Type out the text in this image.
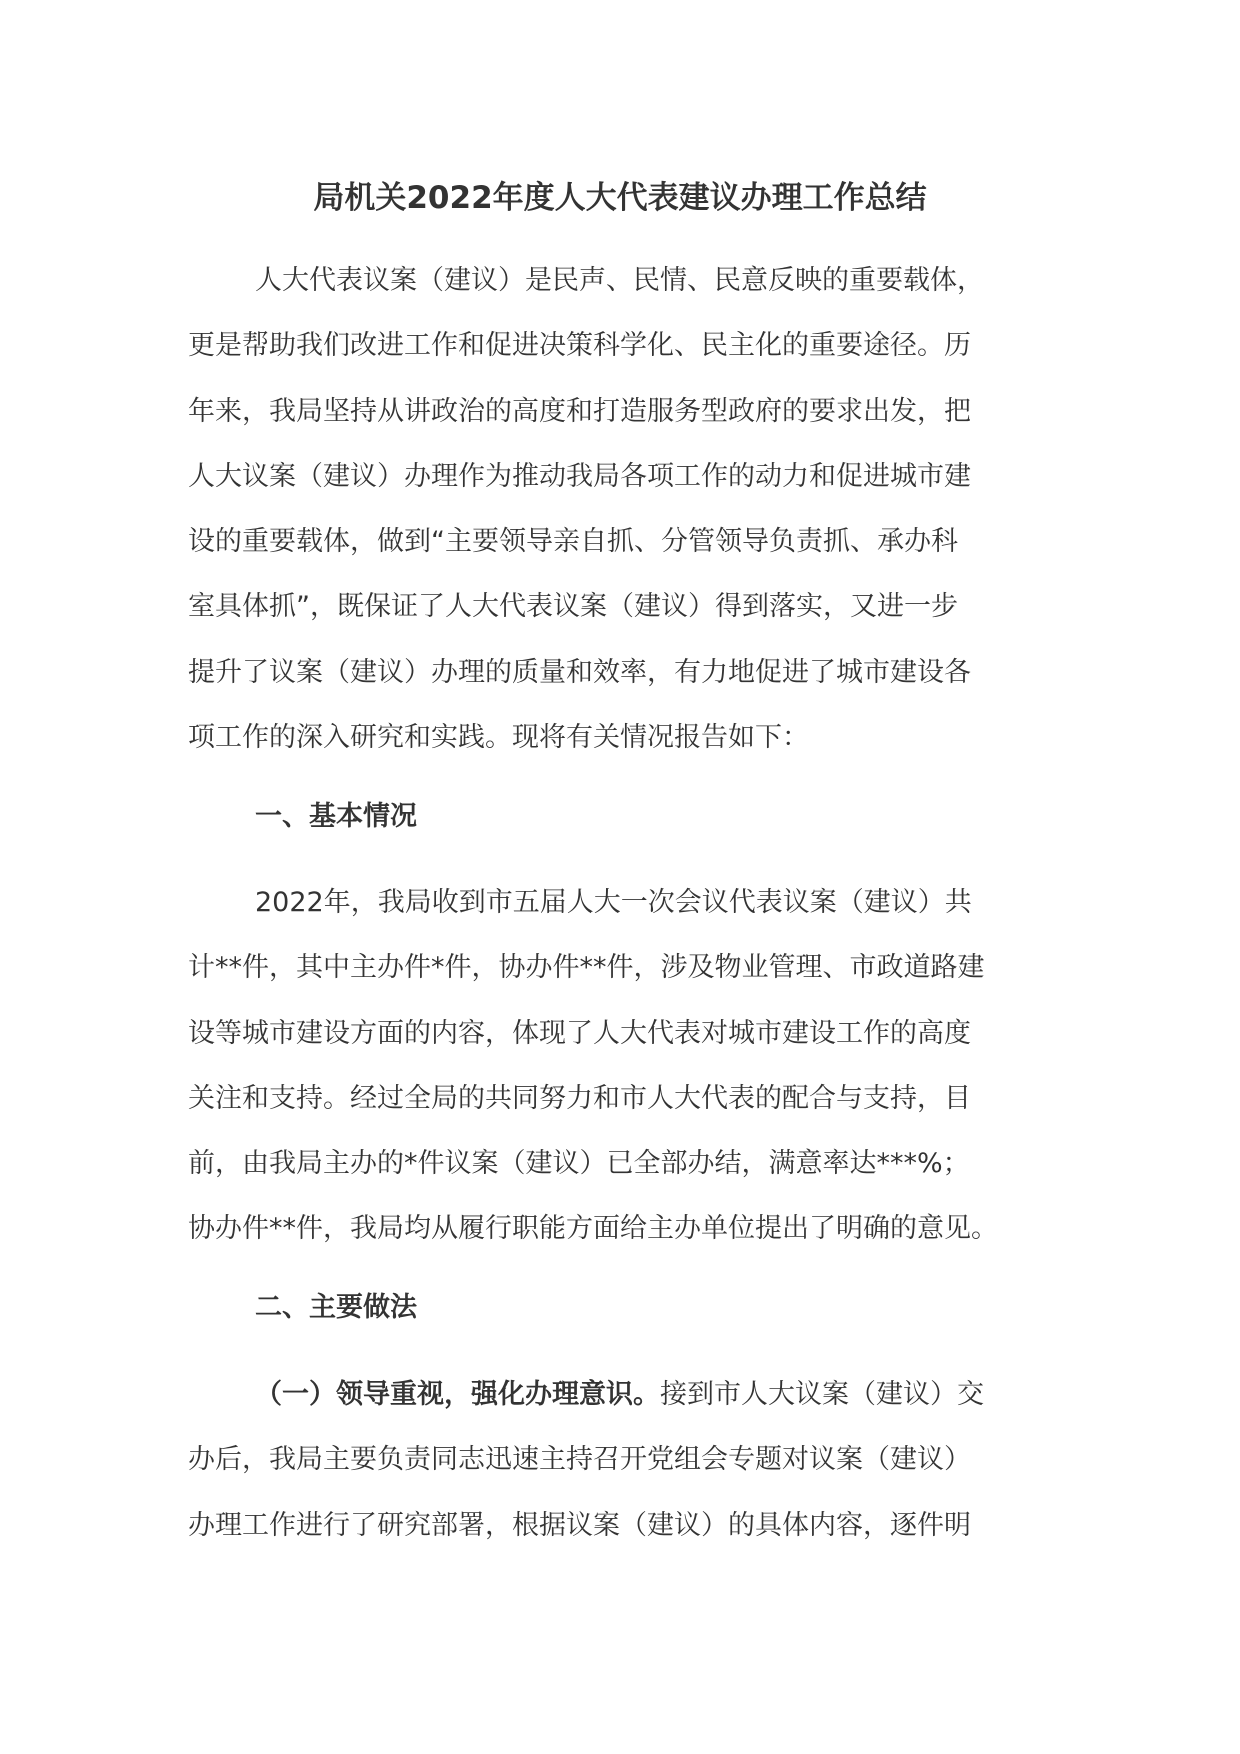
局机关2022年度人大代表建议办理工作总结
人大代表议案（建议）是民声、民情、民意反映的重要载体，
更是帮助我们改进工作和促进决策科学化、民主化的重要途径。历
年来，我局坚持从讲政治的高度和打造服务型政府的要求出发，把
人大议案（建议）办理作为推动我局各项工作的动力和促进城市建
设的重要载体，做到“主要领导亲自抓、分管领导负责抓、承办科
室具体抓”，既保证了人大代表议案（建议）得到落实，又进一步
提升了议案（建议）办理的质量和效率，有力地促进了城市建设各
项工作的深入研究和实践。现将有关情况报告如下：
一、基本情况
2022年，我局收到市五届人大一次会议代表议案（建议）共
计**件，其中主办件*件，协办件**件，涉及物业管理、市政道路建
设等城市建设方面的内容，体现了人大代表对城市建设工作的高度
关注和支持。经过全局的共同努力和市人大代表的配合与支持，目
前，由我局主办的*件议案（建议）已全部办结，满意率达***%；
协办件**件，我局均从履行职能方面给主办单位提出了明确的意见。
二、主要做法
（一）领导重视，强化办理意识。接到市人大议案（建议）交
办后，我局主要负责同志迅速主持召开党组会专题对议案（建议）
办理工作进行了研究部署，根据议案（建议）的具体内容，逐件明
